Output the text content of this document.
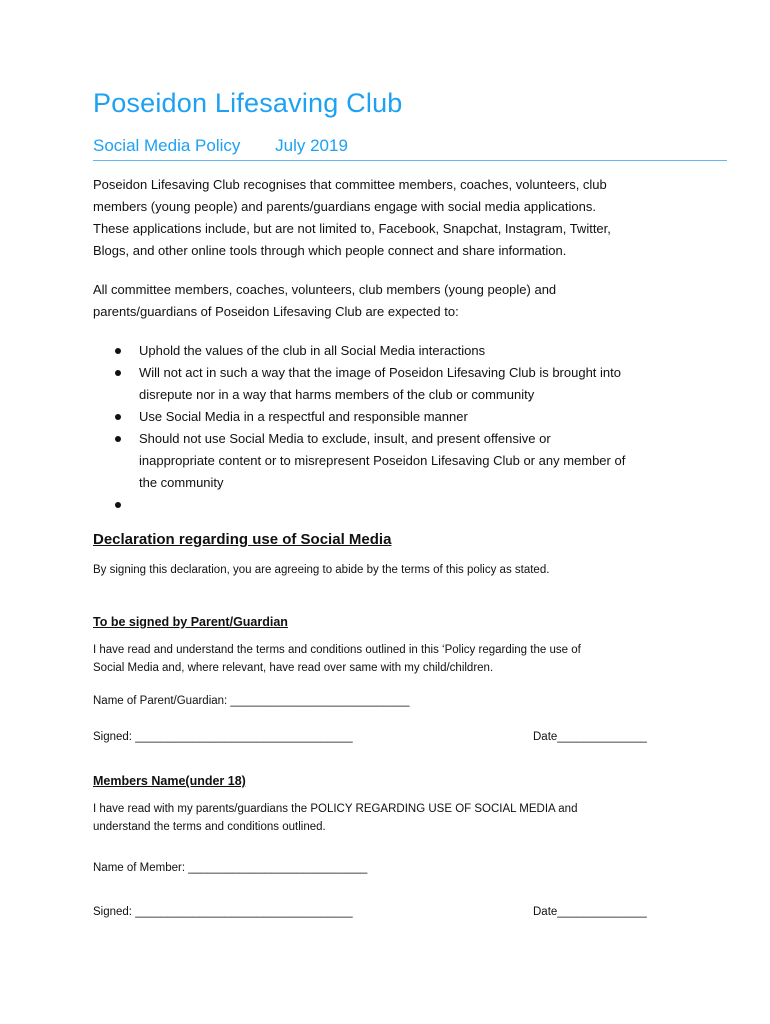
Poseidon Lifesaving Club
Social Media Policy July 2019
Poseidon Lifesaving Club recognises that committee members, coaches, volunteers, club
members (young people) and parents/guardians engage with social media applications.
These applications include, but are not limited to, Facebook, Snapchat, Instagram, Twitter,
Blogs, and other online tools through which people connect and share information.
All committee members, coaches, volunteers, club members (young people) and
parents/guardians of Poseidon Lifesaving Club are expected to:
Uphold the values of the club in all Social Media interactions
Will not act in such a way that the image of Poseidon Lifesaving Club is brought into
disrepute nor in a way that harms members of the club or community
Use Social Media in a respectful and responsible manner
Should not use Social Media to exclude, insult, and present offensive or
inappropriate content or to misrepresent Poseidon Lifesaving Club or any member of
the community
Declaration regarding use of Social Media

By signing this declaration, you are agreeing to abide by the terms of this policy as stated.

To be signed by Parent/Guardian
I have read and understand the terms and conditions outlined in this ‘Policy regarding the use of
Social Media and, where relevant, have read over same with my child/children.
Name of Parent/Guardian: ____________________________
Signed: __________________________________	Date______________
Members Name(under 18)
I have read with my parents/guardians the POLICY REGARDING USE OF SOCIAL MEDIA and
understand the terms and conditions outlined.
Name of Member: ____________________________
Signed: __________________________________	Date______________
